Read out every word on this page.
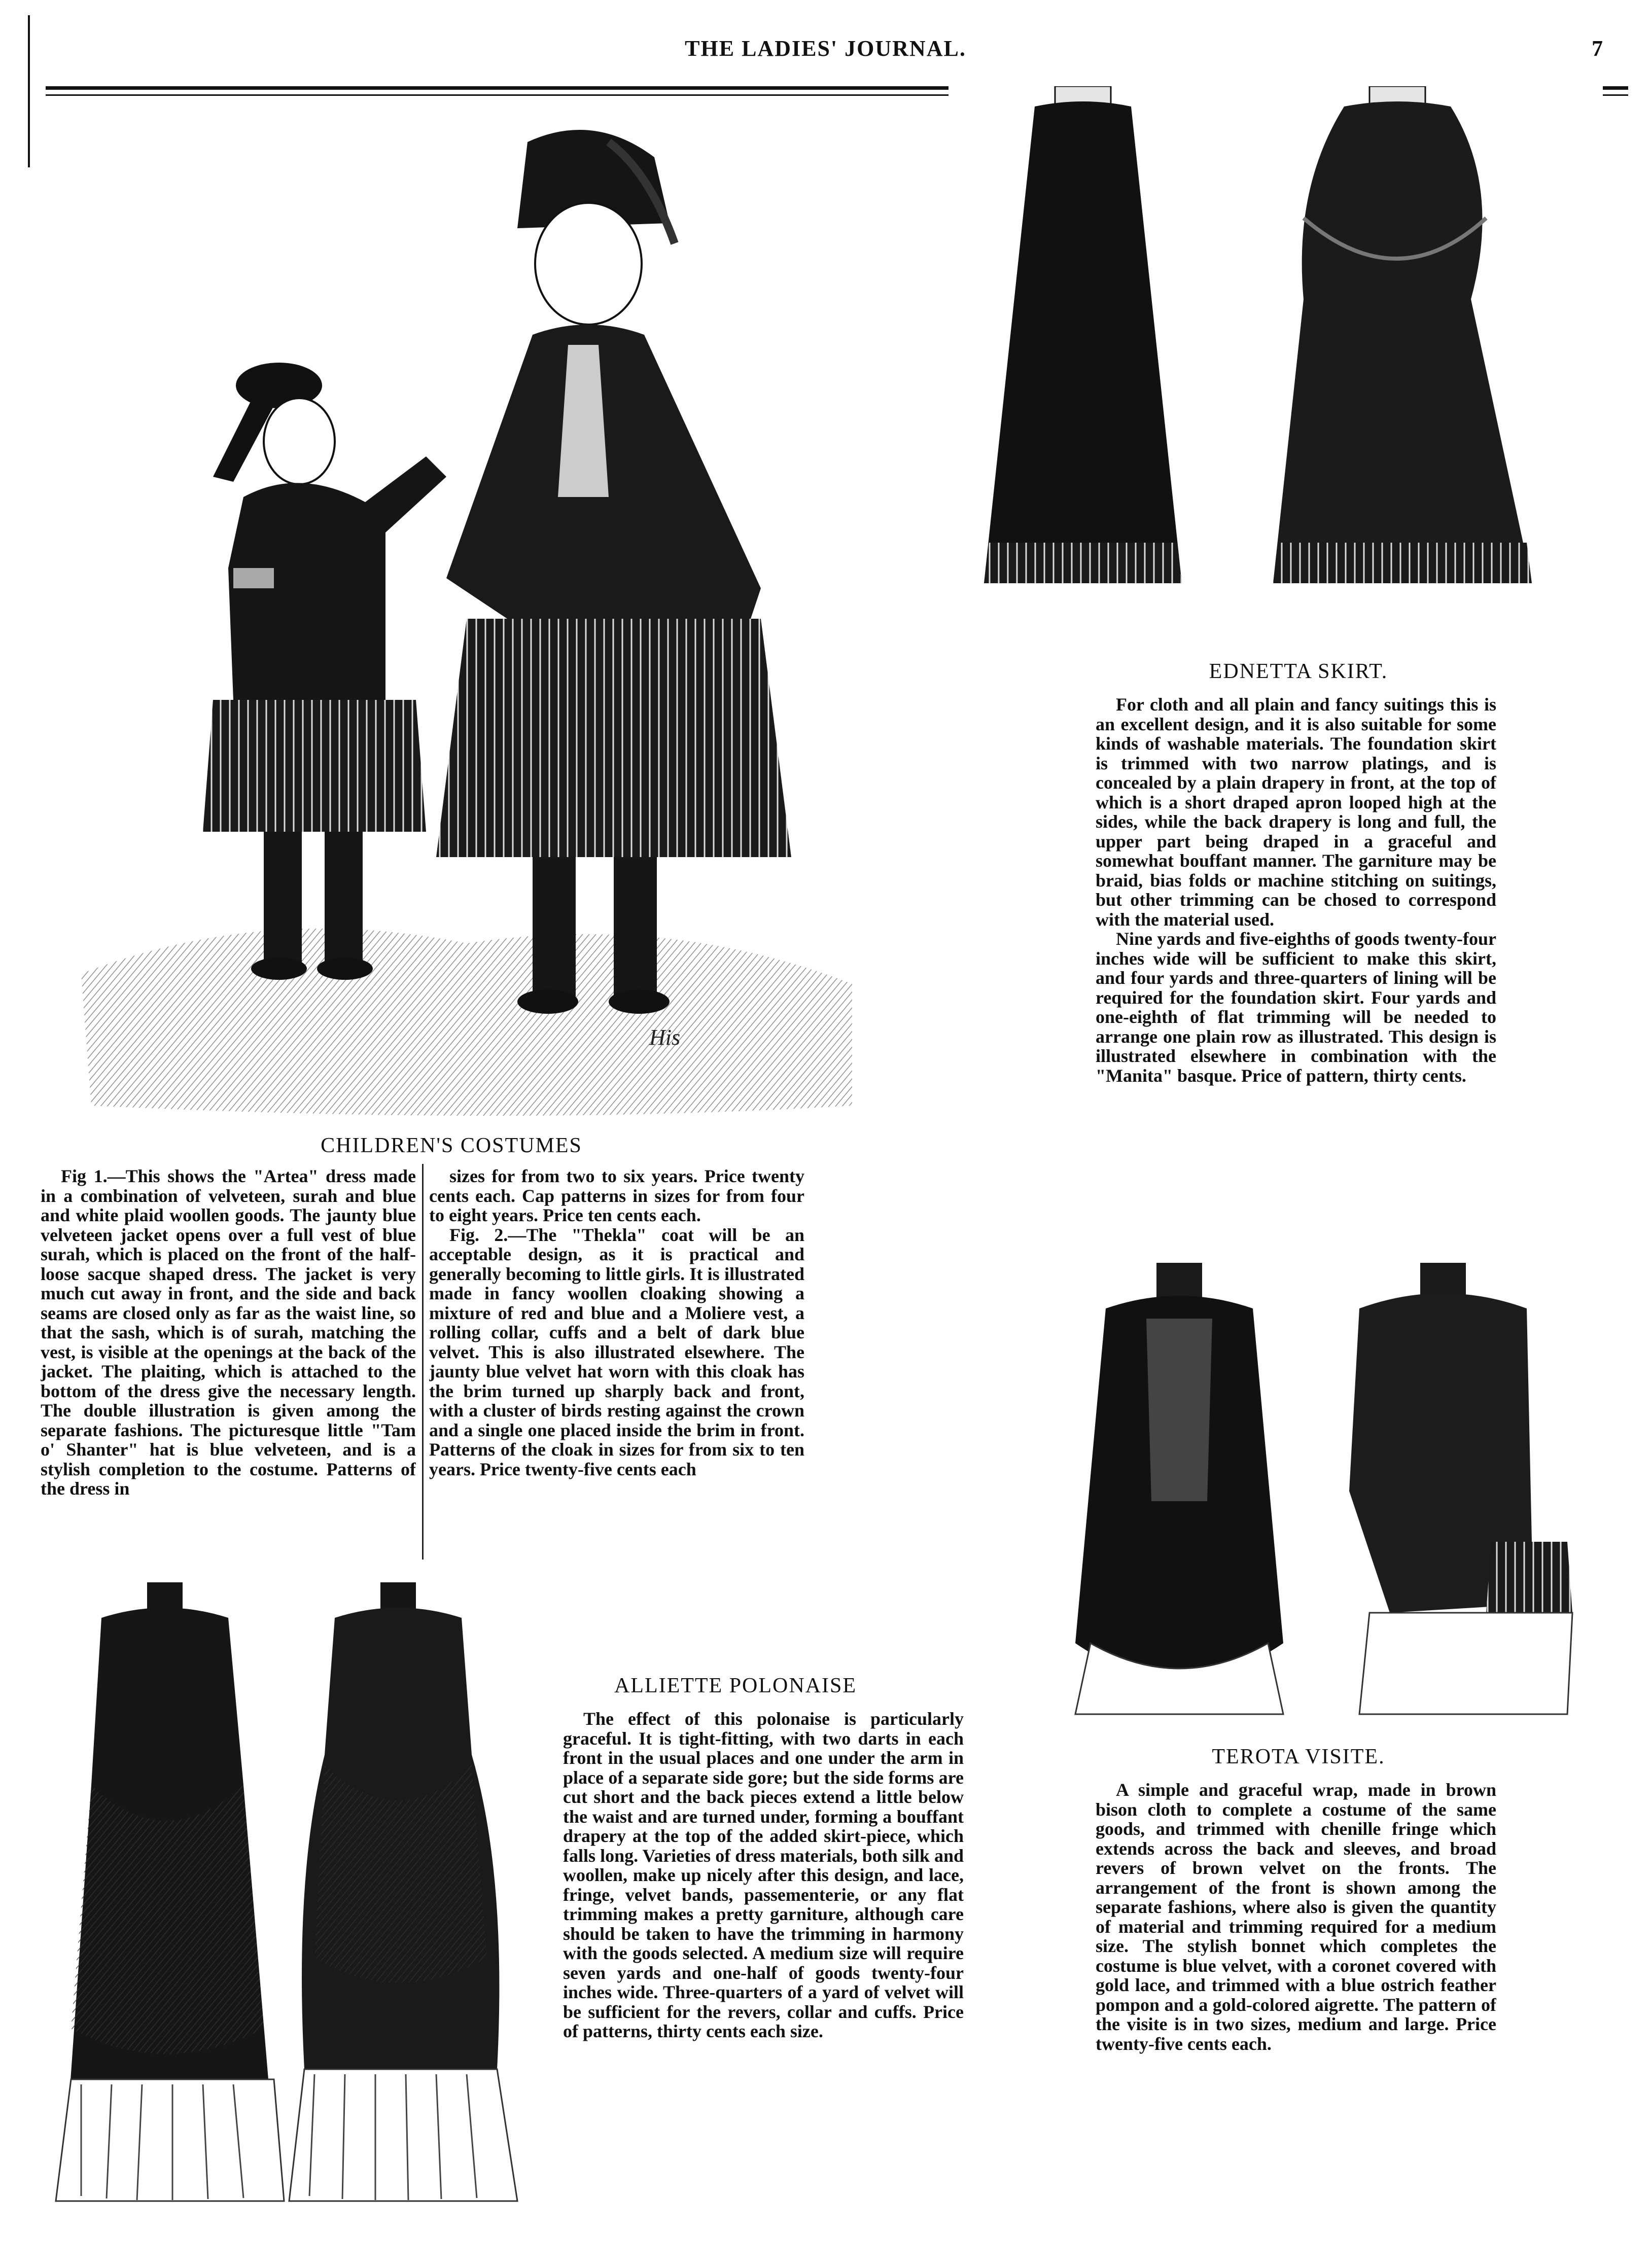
THE LADIES' JOURNAL.	7
His
CHILDREN'S COSTUMES

Fig 1.—This shows the "Artea" dress made in a combination of velveteen, surah and blue and white plaid woollen goods. The jaunty blue velveteen jacket opens over a full vest of blue surah, which is placed on the front of the half-loose sacque shaped dress. The jacket is very much cut away in front, and the side and back seams are closed only as far as the waist line, so that the sash, which is of surah, matching the vest, is visible at the openings at the back of the jacket. The plaiting, which is attached to the bottom of the dress give the necessary length. The double illustration is given among the separate fashions. The picturesque little "Tam o' Shanter" hat is blue velveteen, and is a stylish completion to the costume. Patterns of the dress in

sizes for from two to six years. Price twenty cents each. Cap patterns in sizes for from four to eight years. Price ten cents each.

Fig. 2.—The "Thekla" coat will be an acceptable design, as it is practical and generally becoming to little girls. It is illustrated made in fancy woollen cloaking showing a mixture of red and blue and a Moliere vest, a rolling collar, cuffs and a belt of dark blue velvet. This is also illustrated elsewhere. The jaunty blue velvet hat worn with this cloak has the brim turned up sharply back and front, with a cluster of birds resting against the crown and a single one placed inside the brim in front. Patterns of the cloak in sizes for from six to ten years. Price twenty-five cents each

EDNETTA SKIRT.

For cloth and all plain and fancy suitings this is an excellent design, and it is also suitable for some kinds of washable materials. The foundation skirt is trimmed with two narrow platings, and is concealed by a plain drapery in front, at the top of which is a short draped apron looped high at the sides, while the back drapery is long and full, the upper part being draped in a graceful and somewhat bouffant manner. The garniture may be braid, bias folds or machine stitching on suitings, but other trimming can be chosed to correspond with the material used.

Nine yards and five-eighths of goods twenty-four inches wide will be sufficient to make this skirt, and four yards and three-quarters of lining will be required for the foundation skirt. Four yards and one-eighth of flat trimming will be needed to arrange one plain row as illustrated. This design is illustrated elsewhere in combination with the "Manita" basque. Price of pattern, thirty cents.

TEROTA VISITE.

A simple and graceful wrap, made in brown bison cloth to complete a costume of the same goods, and trimmed with chenille fringe which extends across the back and sleeves, and broad revers of brown velvet on the fronts. The arrangement of the front is shown among the separate fashions, where also is given the quantity of material and trimming required for a medium size. The stylish bonnet which completes the costume is blue velvet, with a coronet covered with gold lace, and trimmed with a blue ostrich feather pompon and a gold-colored aigrette. The pattern of the visite is in two sizes, medium and large. Price twenty-five cents each.

ALLIETTE POLONAISE

The effect of this polonaise is particularly graceful. It is tight-fitting, with two darts in each front in the usual places and one under the arm in place of a separate side gore; but the side forms are cut short and the back pieces extend a little below the waist and are turned under, forming a bouffant drapery at the top of the added skirt-piece, which falls long. Varieties of dress materials, both silk and woollen, make up nicely after this design, and lace, fringe, velvet bands, passementerie, or any flat trimming makes a pretty garniture, although care should be taken to have the trimming in harmony with the goods selected. A medium size will require seven yards and one-half of goods twenty-four inches wide. Three-quarters of a yard of velvet will be sufficient for the revers, collar and cuffs. Price of patterns, thirty cents each size.
